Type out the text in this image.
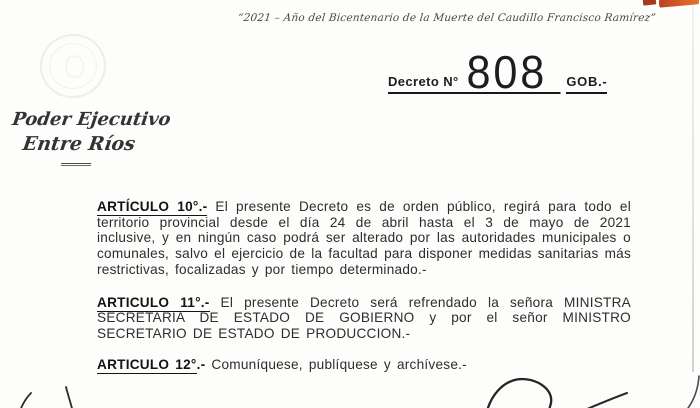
“2021 – Año del Bicentenario de la Muerte del Caudillo Francisco Ramírez”
Decreto N° 808	GOB.-
Poder Ejecutivo
Entre Ríos

ARTÍCULO 10°.- El presente Decreto es de orden público, regirá para todo el territorio provincial desde el día 24 de abril hasta el 3 de mayo de 2021 inclusive, y en ningún caso podrá ser alterado por las autoridades municipales o comunales, salvo el ejercicio de la facultad para disponer medidas sanitarias más restrictivas, focalizadas y por tiempo determinado.-

ARTICULO 11°.- El presente Decreto será refrendado la señora MINISTRA SECRETARIA DE ESTADO DE GOBIERNO y por el señor MINISTRO SECRETARIO DE ESTADO DE PRODUCCION.-

ARTICULO 12°.- Comuníquese, publíquese y archívese.-
